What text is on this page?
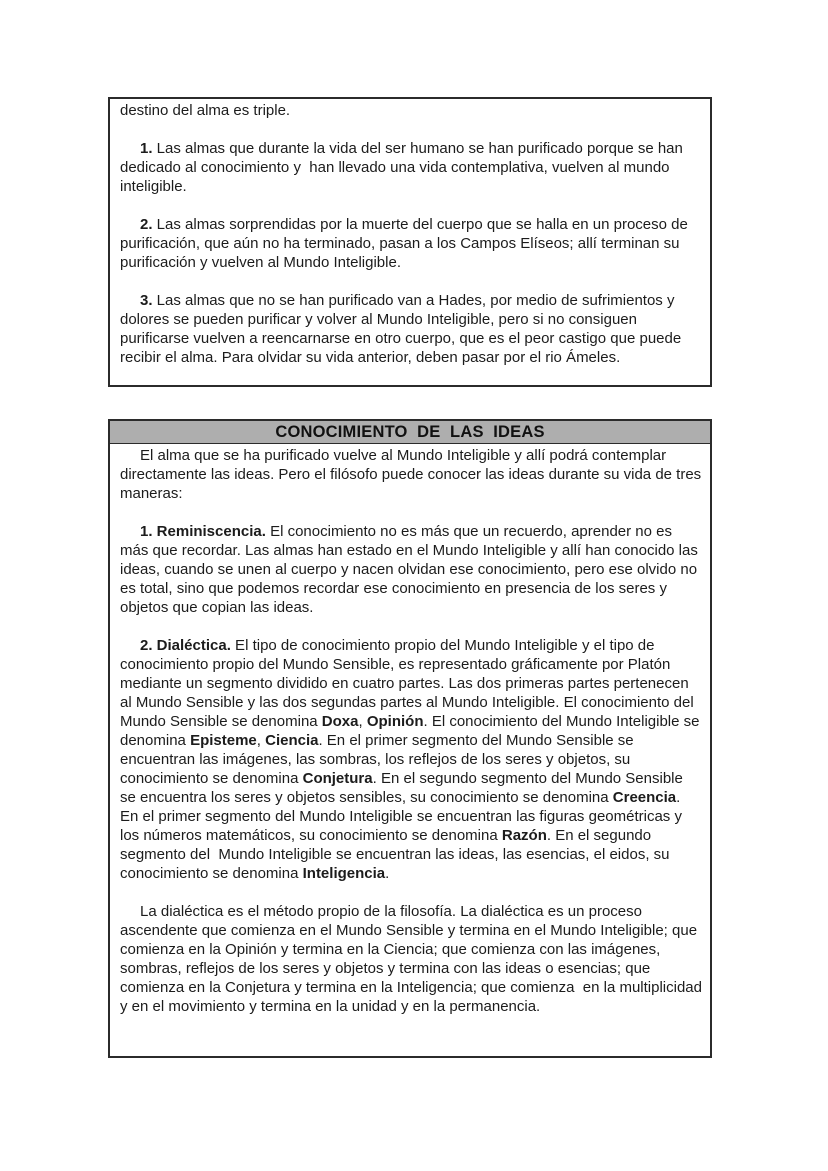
destino del alma es triple.
1. Las almas que durante la vida del ser humano se han purificado porque se han dedicado al conocimiento y  han llevado una vida contemplativa, vuelven al mundo inteligible.
2. Las almas sorprendidas por la muerte del cuerpo que se halla en un proceso de purificación, que aún no ha terminado, pasan a los Campos Elíseos; allí terminan su purificación y vuelven al Mundo Inteligible.
3. Las almas que no se han purificado van a Hades, por medio de sufrimientos y dolores se pueden purificar y volver al Mundo Inteligible, pero si no consiguen purificarse vuelven a reencarnarse en otro cuerpo, que es el peor castigo que puede recibir el alma. Para olvidar su vida anterior, deben pasar por el rio Ámeles.
CONOCIMIENTO  DE  LAS  IDEAS
El alma que se ha purificado vuelve al Mundo Inteligible y allí podrá contemplar directamente las ideas. Pero el filósofo puede conocer las ideas durante su vida de tres maneras:
1. Reminiscencia. El conocimiento no es más que un recuerdo, aprender no es más que recordar. Las almas han estado en el Mundo Inteligible y allí han conocido las ideas, cuando se unen al cuerpo y nacen olvidan ese conocimiento, pero ese olvido no es total, sino que podemos recordar ese conocimiento en presencia de los seres y objetos que copian las ideas.
2. Dialéctica. El tipo de conocimiento propio del Mundo Inteligible y el tipo de conocimiento propio del Mundo Sensible, es representado gráficamente por Platón mediante un segmento dividido en cuatro partes. Las dos primeras partes pertenecen al Mundo Sensible y las dos segundas partes al Mundo Inteligible. El conocimiento del Mundo Sensible se denomina Doxa, Opinión. El conocimiento del Mundo Inteligible se denomina Episteme, Ciencia. En el primer segmento del Mundo Sensible se encuentran las imágenes, las sombras, los reflejos de los seres y objetos, su conocimiento se denomina Conjetura. En el segundo segmento del Mundo Sensible se encuentra los seres y objetos sensibles, su conocimiento se denomina Creencia. En el primer segmento del Mundo Inteligible se encuentran las figuras geométricas y los números matemáticos, su conocimiento se denomina Razón. En el segundo segmento del  Mundo Inteligible se encuentran las ideas, las esencias, el eidos, su conocimiento se denomina Inteligencia.
La dialéctica es el método propio de la filosofía. La dialéctica es un proceso ascendente que comienza en el Mundo Sensible y termina en el Mundo Inteligible; que comienza en la Opinión y termina en la Ciencia; que comienza con las imágenes, sombras, reflejos de los seres y objetos y termina con las ideas o esencias; que comienza en la Conjetura y termina en la Inteligencia; que comienza  en la multiplicidad y en el movimiento y termina en la unidad y en la permanencia.
